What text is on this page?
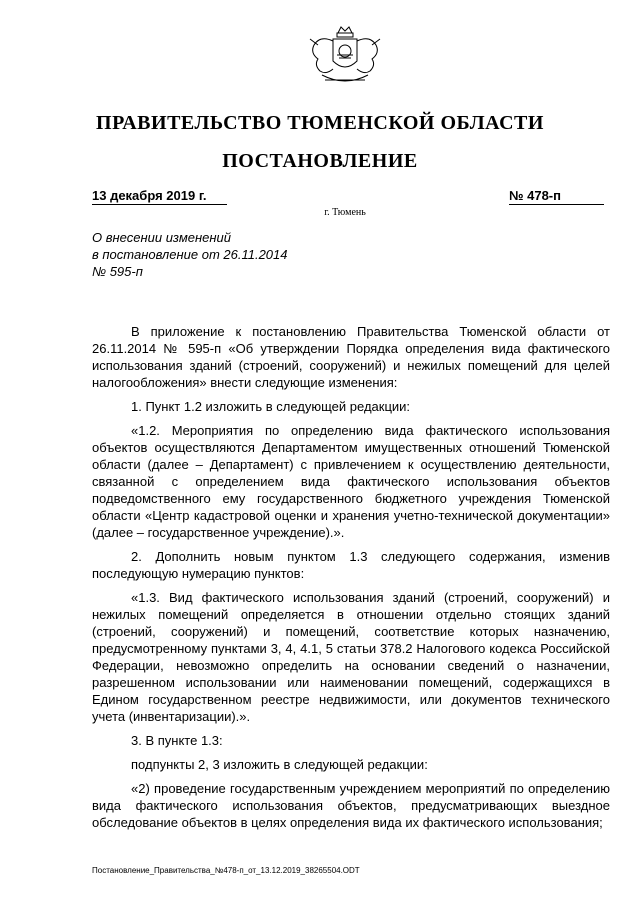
ПРАВИТЕЛЬСТВО ТЮМЕНСКОЙ ОБЛАСТИ
ПОСТАНОВЛЕНИЕ
13 декабря 2019 г.	№ 478-п
г. Тюмень
О внесении изменений
в постановление от 26.11.2014
№ 595-п

В приложение к постановлению Правительства Тюменской области от 26.11.2014 № 595-п «Об утверждении Порядка определения вида фактического использования зданий (строений, сооружений) и нежилых помещений для целей налогообложения» внести следующие изменения:

1. Пункт 1.2 изложить в следующей редакции:

«1.2. Мероприятия по определению вида фактического использования объектов осуществляются Департаментом имущественных отношений Тюменской области (далее – Департамент) с привлечением к осуществлению деятельности, связанной с определением вида фактического использования объектов подведомственного ему государственного бюджетного учреждения Тюменской области «Центр кадастровой оценки и хранения учетно-технической документации» (далее – государственное учреждение).».

2. Дополнить новым пунктом 1.3 следующего содержания, изменив последующую нумерацию пунктов:

«1.3. Вид фактического использования зданий (строений, сооружений) и нежилых помещений определяется в отношении отдельно стоящих зданий (строений, сооружений) и помещений, соответствие которых назначению, предусмотренному пунктами 3, 4, 4.1, 5 статьи 378.2 Налогового кодекса Российской Федерации, невозможно определить на основании сведений о назначении, разрешенном использовании или наименовании помещений, содержащихся в Едином государственном реестре недвижимости, или документов технического учета (инвентаризации).».

3. В пункте 1.3:

подпункты 2, 3 изложить в следующей редакции:

«2) проведение государственным учреждением мероприятий по определению вида фактического использования объектов, предусматривающих выездное обследование объектов в целях определения вида их фактического использования;

Постановление_Правительства_№478-п_от_13.12.2019_38265504.ODT
